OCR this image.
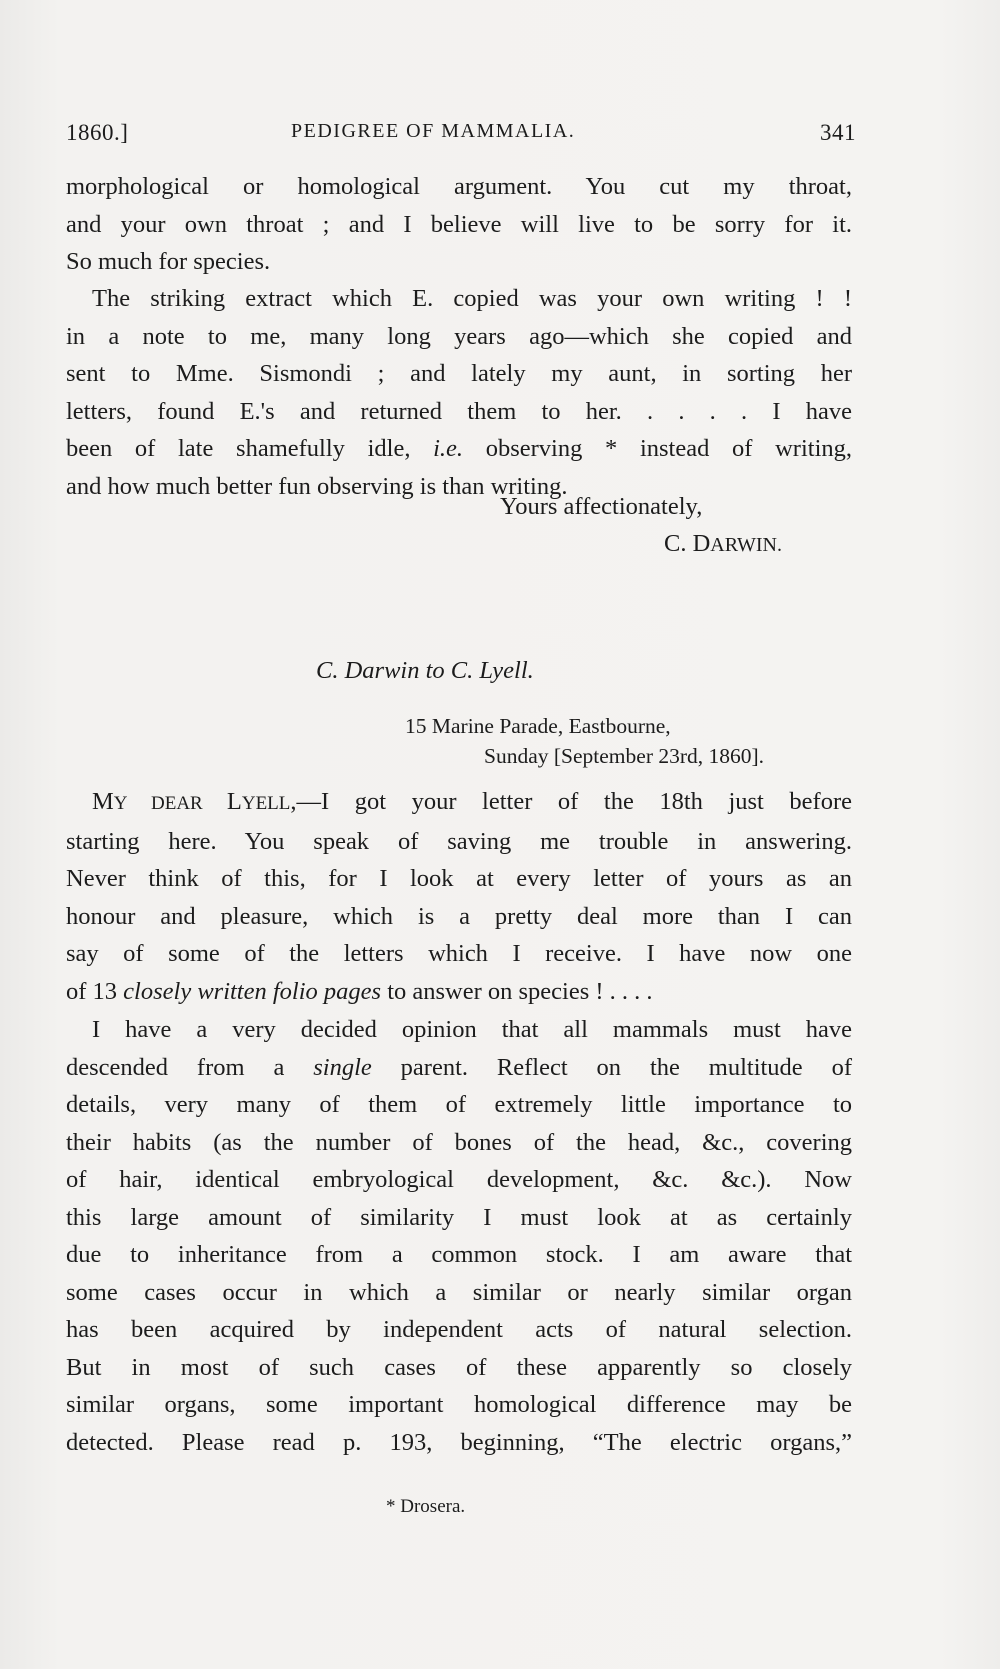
1860.]	PEDIGREE OF MAMMALIA.	341
morphological or homological argument. You cut my throat,
and your own throat ; and I believe will live to be sorry for it.
So much for species.
The striking extract which E. copied was your own writing ! !
in a note to me, many long years ago—which she copied and
sent to Mme. Sismondi ; and lately my aunt, in sorting her
letters, found E.'s and returned them to her. . . . . I have
been of late shamefully idle, i.e. observing * instead of writing,
and how much better fun observing is than writing.
Yours affectionately,
C. DARWIN.
C. Darwin to C. Lyell.
15 Marine Parade, Eastbourne,
Sunday [September 23rd, 1860].
MY DEAR LYELL,—I got your letter of the 18th just before
starting here. You speak of saving me trouble in answering.
Never think of this, for I look at every letter of yours as an
honour and pleasure, which is a pretty deal more than I can
say of some of the letters which I receive. I have now one
of 13 closely written folio pages to answer on species ! . . . .
I have a very decided opinion that all mammals must have
descended from a single parent. Reflect on the multitude of
details, very many of them of extremely little importance to
their habits (as the number of bones of the head, &c., covering
of hair, identical embryological development, &c. &c.). Now
this large amount of similarity I must look at as certainly
due to inheritance from a common stock. I am aware that
some cases occur in which a similar or nearly similar organ
has been acquired by independent acts of natural selection.
But in most of such cases of these apparently so closely
similar organs, some important homological difference may be
detected. Please read p. 193, beginning, “The electric organs,”
* Drosera.
